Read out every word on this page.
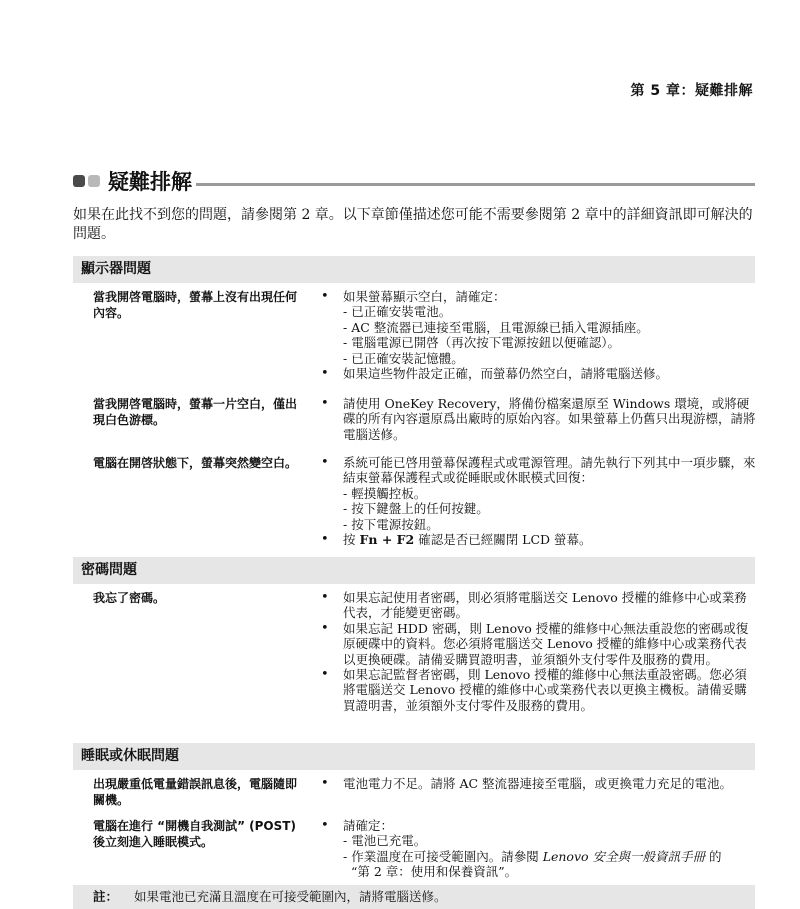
第 5 章：疑難排解
疑難排解
如果在此找不到您的問題，請參閱第 2 章。以下章節僅描述您可能不需要參閱第 2 章中的詳細資訊即可解決的問題。
顯示器問題
當我開啓電腦時，螢幕上沒有出現任何內容。
• 如果螢幕顯示空白，請確定：
- 已正確安裝電池。
- AC 整流器已連接至電腦，且電源線已插入電源插座。
- 電腦電源已開啓（再次按下電源按鈕以便確認）。
- 已正確安裝記憶體。
• 如果這些物件設定正確，而螢幕仍然空白，請將電腦送修。
當我開啓電腦時，螢幕一片空白，僅出現白色游標。
• 請使用 OneKey Recovery，將備份檔案還原至 Windows 環境，或將硬碟的所有內容還原爲出廠時的原始內容。如果螢幕上仍舊只出現游標，請將電腦送修。
電腦在開啓狀態下，螢幕突然變空白。	• 系統可能已啓用螢幕保護程式或電源管理。請先執行下列其中一項步驟，來結束螢幕保護程式或從睡眠或休眠模式回復：
- 輕摸觸控板。
- 按下鍵盤上的任何按鍵。
- 按下電源按鈕。
• 按 Fn + F2 確認是否已經關閉 LCD 螢幕。
密碼問題
我忘了密碼。	• 如果忘記使用者密碼，則必須將電腦送交 Lenovo 授權的維修中心或業務代表，才能變更密碼。
• 如果忘記 HDD 密碼，則 Lenovo 授權的維修中心無法重設您的密碼或復原硬碟中的資料。您必須將電腦送交 Lenovo 授權的維修中心或業務代表以更換硬碟。請備妥購買證明書，並須額外支付零件及服務的費用。
• 如果忘記監督者密碼，則 Lenovo 授權的維修中心無法重設密碼。您必須將電腦送交 Lenovo 授權的維修中心或業務代表以更換主機板。請備妥購買證明書，並須額外支付零件及服務的費用。
睡眠或休眠問題
出現嚴重低電量錯誤訊息後，電腦隨即關機。
• 電池電力不足。請將 AC 整流器連接至電腦，或更換電力充足的電池。
電腦在進行 “開機自我測試” (POST) 後立刻進入睡眠模式。
• 請確定：
- 電池已充電。
- 作業溫度在可接受範圍內。請參閱 Lenovo 安全與一般資訊手冊 的
“第 2 章：使用和保養資訊”。
註： 如果電池已充滿且溫度在可接受範圍內，請將電腦送修。
